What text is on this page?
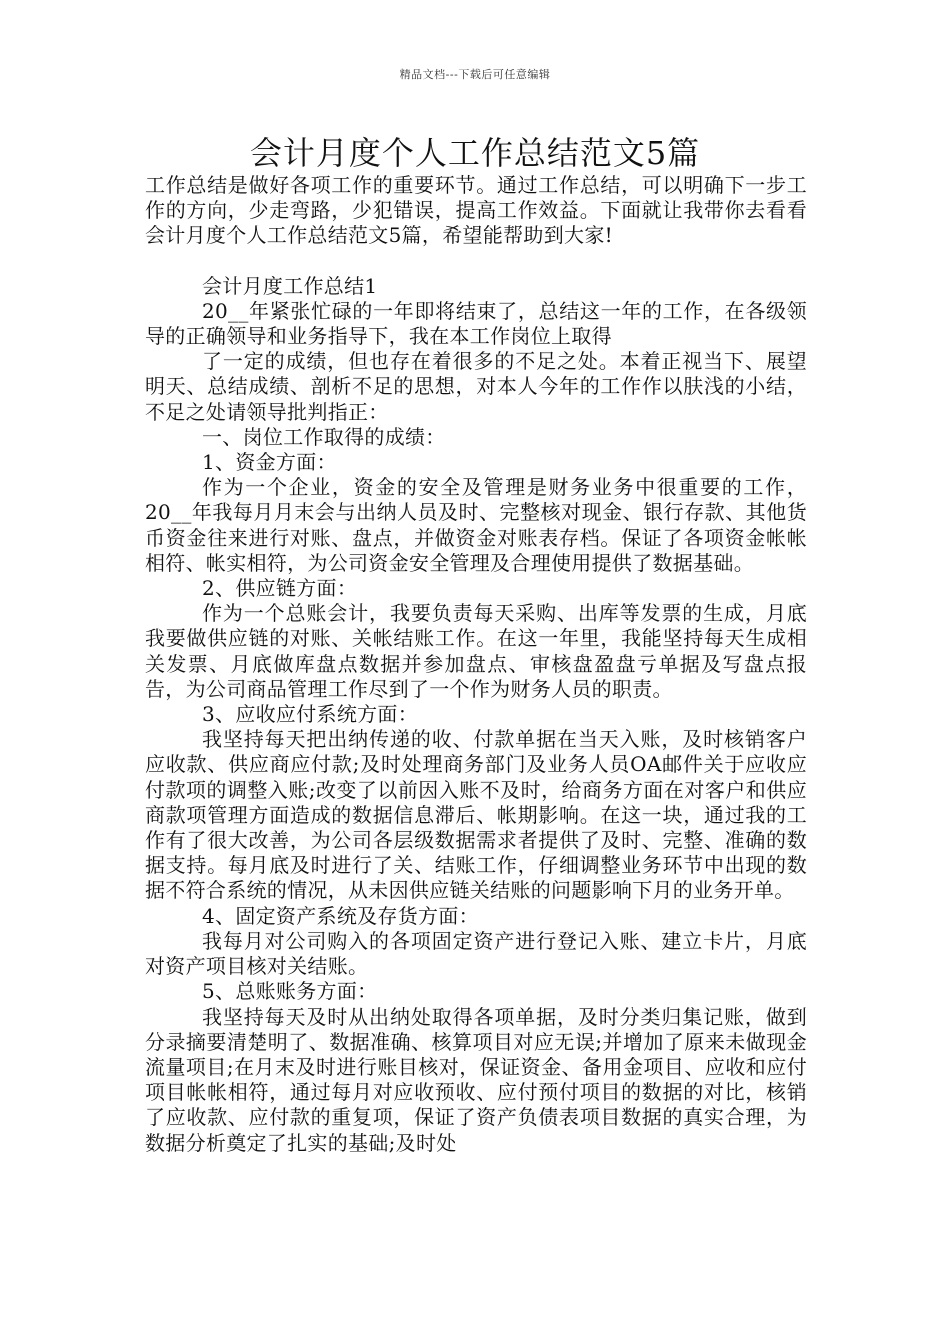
精品文档---下载后可任意编辑
会计月度个人工作总结范文5篇

工作总结是做好各项工作的重要环节。通过工作总结，可以明确下一步工作的方向，少走弯路，少犯错误，提高工作效益。下面就让我带你去看看会计月度个人工作总结范文5篇，希望能帮助到大家!

会计月度工作总结1

20__年紧张忙碌的一年即将结束了，总结这一年的工作，在各级领导的正确领导和业务指导下，我在本工作岗位上取得

了一定的成绩，但也存在着很多的不足之处。本着正视当下、展望明天、总结成绩、剖析不足的思想，对本人今年的工作作以肤浅的小结，不足之处请领导批判指正：

一、岗位工作取得的成绩：

1、资金方面：

作为一个企业，资金的安全及管理是财务业务中很重要的工作，20__年我每月月末会与出纳人员及时、完整核对现金、银行存款、其他货币资金往来进行对账、盘点，并做资金对账表存档。保证了各项资金帐帐相符、帐实相符，为公司资金安全管理及合理使用提供了数据基础。

2、供应链方面：

作为一个总账会计，我要负责每天采购、出库等发票的生成，月底我要做供应链的对账、关帐结账工作。在这一年里，我能坚持每天生成相关发票、月底做库盘点数据并参加盘点、审核盘盈盘亏单据及写盘点报告，为公司商品管理工作尽到了一个作为财务人员的职责。

3、应收应付系统方面：

我坚持每天把出纳传递的收、付款单据在当天入账，及时核销客户应收款、供应商应付款;及时处理商务部门及业务人员OA邮件关于应收应付款项的调整入账;改变了以前因入账不及时，给商务方面在对客户和供应商款项管理方面造成的数据信息滞后、帐期影响。在这一块，通过我的工作有了很大改善，为公司各层级数据需求者提供了及时、完整、准确的数据支持。每月底及时进行了关、结账工作，仔细调整业务环节中出现的数据不符合系统的情况，从未因供应链关结账的问题影响下月的业务开单。

4、固定资产系统及存货方面：

我每月对公司购入的各项固定资产进行登记入账、建立卡片，月底对资产项目核对关结账。

5、总账账务方面：

我坚持每天及时从出纳处取得各项单据，及时分类归集记账，做到分录摘要清楚明了、数据准确、核算项目对应无误;并增加了原来未做现金流量项目;在月末及时进行账目核对，保证资金、备用金项目、应收和应付项目帐帐相符，通过每月对应收预收、应付预付项目的数据的对比，核销了应收款、应付款的重复项，保证了资产负债表项目数据的真实合理，为数据分析奠定了扎实的基础;及时处
